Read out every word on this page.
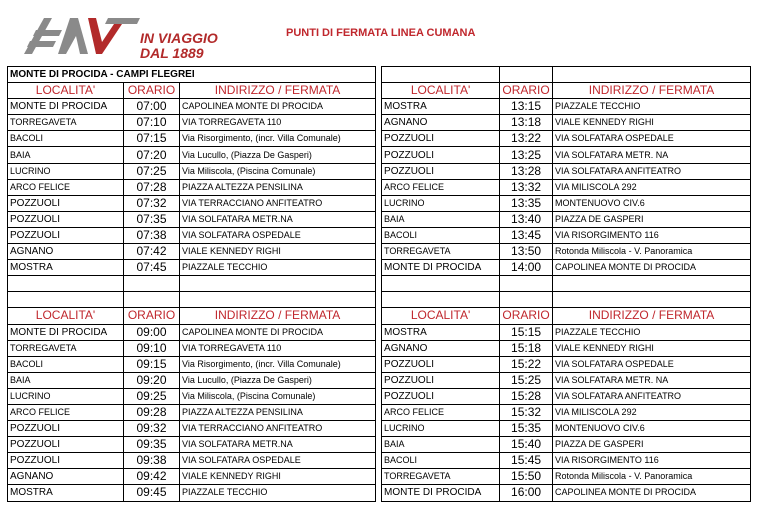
IN VIAGGIO
DAL 1889
PUNTI DI FERMATA LINEA CUMANA
MONTE DI PROCIDA - CAMPI FLEGREI						
LOCALITA'	ORARIO	INDIRIZZO / FERMATA		LOCALITA'	ORARIO	INDIRIZZO / FERMATA
MONTE DI PROCIDA	07:00	CAPOLINEA MONTE DI PROCIDA		MOSTRA	13:15	PIAZZALE TECCHIO
TORREGAVETA	07:10	VIA TORREGAVETA 110		AGNANO	13:18	VIALE KENNEDY RIGHI
BACOLI	07:15	Via Risorgimento, (incr. Villa Comunale)		POZZUOLI	13:22	VIA SOLFATARA OSPEDALE
BAIA	07:20	Via Lucullo, (Piazza De Gasperi)		POZZUOLI	13:25	VIA SOLFATARA METR. NA
LUCRINO	07:25	Via Miliscola, (Piscina Comunale)		POZZUOLI	13:28	VIA SOLFATARA ANFITEATRO
ARCO FELICE	07:28	PIAZZA ALTEZZA PENSILINA		ARCO FELICE	13:32	VIA MILISCOLA 292
POZZUOLI	07:32	VIA TERRACCIANO ANFITEATRO		LUCRINO	13:35	MONTENUOVO CIV.6
POZZUOLI	07:35	VIA SOLFATARA METR.NA		BAIA	13:40	PIAZZA DE GASPERI
POZZUOLI	07:38	VIA SOLFATARA OSPEDALE		BACOLI	13:45	VIA RISORGIMENTO 116
AGNANO	07:42	VIALE KENNEDY RIGHI		TORREGAVETA	13:50	Rotonda Miliscola - V. Panoramica
MOSTRA	07:45	PIAZZALE TECCHIO		MONTE DI PROCIDA	14:00	CAPOLINEA MONTE DI PROCIDA

LOCALITA'	ORARIO	INDIRIZZO / FERMATA		LOCALITA'	ORARIO	INDIRIZZO / FERMATA
MONTE DI PROCIDA	09:00	CAPOLINEA MONTE DI PROCIDA		MOSTRA	15:15	PIAZZALE TECCHIO
TORREGAVETA	09:10	VIA TORREGAVETA 110		AGNANO	15:18	VIALE KENNEDY RIGHI
BACOLI	09:15	Via Risorgimento, (incr. Villa Comunale)		POZZUOLI	15:22	VIA SOLFATARA OSPEDALE
BAIA	09:20	Via Lucullo, (Piazza De Gasperi)		POZZUOLI	15:25	VIA SOLFATARA METR. NA
LUCRINO	09:25	Via Miliscola, (Piscina Comunale)		POZZUOLI	15:28	VIA SOLFATARA ANFITEATRO
ARCO FELICE	09:28	PIAZZA ALTEZZA PENSILINA		ARCO FELICE	15:32	VIA MILISCOLA 292
POZZUOLI	09:32	VIA TERRACCIANO ANFITEATRO		LUCRINO	15:35	MONTENUOVO CIV.6
POZZUOLI	09:35	VIA SOLFATARA METR.NA		BAIA	15:40	PIAZZA DE GASPERI
POZZUOLI	09:38	VIA SOLFATARA OSPEDALE		BACOLI	15:45	VIA RISORGIMENTO 116
AGNANO	09:42	VIALE KENNEDY RIGHI		TORREGAVETA	15:50	Rotonda Miliscola - V. Panoramica
MOSTRA	09:45	PIAZZALE TECCHIO		MONTE DI PROCIDA	16:00	CAPOLINEA MONTE DI PROCIDA
